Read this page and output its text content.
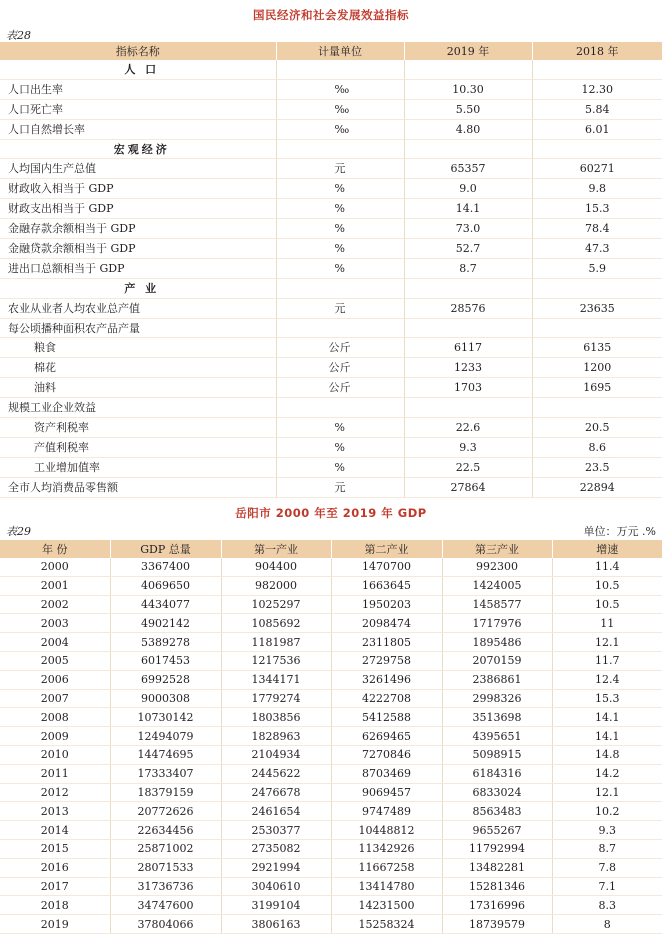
国民经济和社会发展效益指标
表28
指标名称	计量单位	2019 年	2018 年
人 口			
人口出生率	‰	10.30	12.30
人口死亡率	‰	5.50	5.84
人口自然增长率	‰	4.80	6.01
宏观经济			
人均国内生产总值	元	65357	60271
财政收入相当于 GDP	%	9.0	9.8
财政支出相当于 GDP	%	14.1	15.3
金融存款余额相当于 GDP	%	73.0	78.4
金融贷款余额相当于 GDP	%	52.7	47.3
进出口总额相当于 GDP	%	8.7	5.9
产 业			
农业从业者人均农业总产值	元	28576	23635
每公顷播种面积农产品产量			
粮食	公斤	6117	6135
棉花	公斤	1233	1200
油料	公斤	1703	1695
规模工业企业效益			
资产利税率	%	22.6	20.5
产值利税率	%	9.3	8.6
工业增加值率	%	22.5	23.5
全市人均消费品零售额	元	27864	22894
岳阳市 2000 年至 2019 年 GDP
表29	单位：万元 .%
年 份	GDP 总量	第一产业	第二产业	第三产业	增速
2000	3367400	904400	1470700	992300	11.4
2001	4069650	982000	1663645	1424005	10.5
2002	4434077	1025297	1950203	1458577	10.5
2003	4902142	1085692	2098474	1717976	11
2004	5389278	1181987	2311805	1895486	12.1
2005	6017453	1217536	2729758	2070159	11.7
2006	6992528	1344171	3261496	2386861	12.4
2007	9000308	1779274	4222708	2998326	15.3
2008	10730142	1803856	5412588	3513698	14.1
2009	12494079	1828963	6269465	4395651	14.1
2010	14474695	2104934	7270846	5098915	14.8
2011	17333407	2445622	8703469	6184316	14.2
2012	18379159	2476678	9069457	6833024	12.1
2013	20772626	2461654	9747489	8563483	10.2
2014	22634456	2530377	10448812	9655267	9.3
2015	25871002	2735082	11342926	11792994	8.7
2016	28071533	2921994	11667258	13482281	7.8
2017	31736736	3040610	13414780	15281346	7.1
2018	34747600	3199104	14231500	17316996	8.3
2019	37804066	3806163	15258324	18739579	8
